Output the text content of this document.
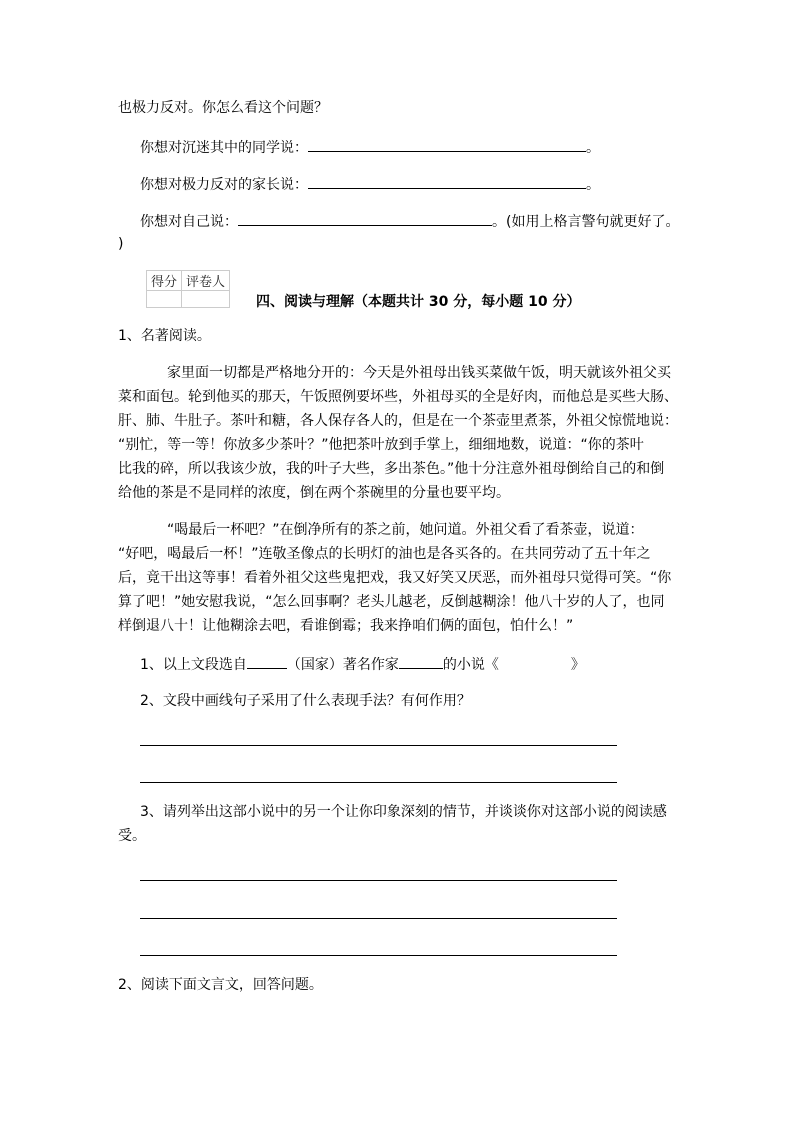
也极力反对。你怎么看这个问题？
你想对沉迷其中的同学说：	。
你想对极力反对的家长说：	。
你想对自己说：	。(如用上格言警句就更好了。
)
得分	评卷人

四、阅读与理解（本题共计 30 分，每小题 10 分）
1、名著阅读。
家里面一切都是严格地分开的：今天是外祖母出钱买菜做午饭，明天就该外祖父买
菜和面包。轮到他买的那天，午饭照例要坏些，外祖母买的全是好肉，而他总是买些大肠、
肝、肺、牛肚子。茶叶和糖，各人保存各人的，但是在一个茶壶里煮茶，外祖父惊慌地说：
“别忙，等一等！你放多少茶叶？”他把茶叶放到手掌上，细细地数，说道：“你的茶叶
比我的碎，所以我该少放，我的叶子大些，多出茶色。”他十分注意外祖母倒给自己的和倒
给他的茶是不是同样的浓度，倒在两个茶碗里的分量也要平均。
“喝最后一杯吧？”在倒净所有的茶之前，她问道。外祖父看了看茶壶，说道：
“好吧，喝最后一杯！”连敬圣像点的长明灯的油也是各买各的。在共同劳动了五十年之
后，竟干出这等事！看着外祖父这些鬼把戏，我又好笑又厌恶，而外祖母只觉得可笑。“你
算了吧！”她安慰我说，“怎么回事啊？老头儿越老，反倒越糊涂！他八十岁的人了，也同
样倒退八十！让他糊涂去吧，看谁倒霉；我来挣咱们俩的面包，怕什么！”
1、以上文段选自	（国家）著名作家	的小说《	》
2、文段中画线句子采用了什么表现手法？有何作用？
3、请列举出这部小说中的另一个让你印象深刻的情节，并谈谈你对这部小说的阅读感
受。
2、阅读下面文言文，回答问题。
